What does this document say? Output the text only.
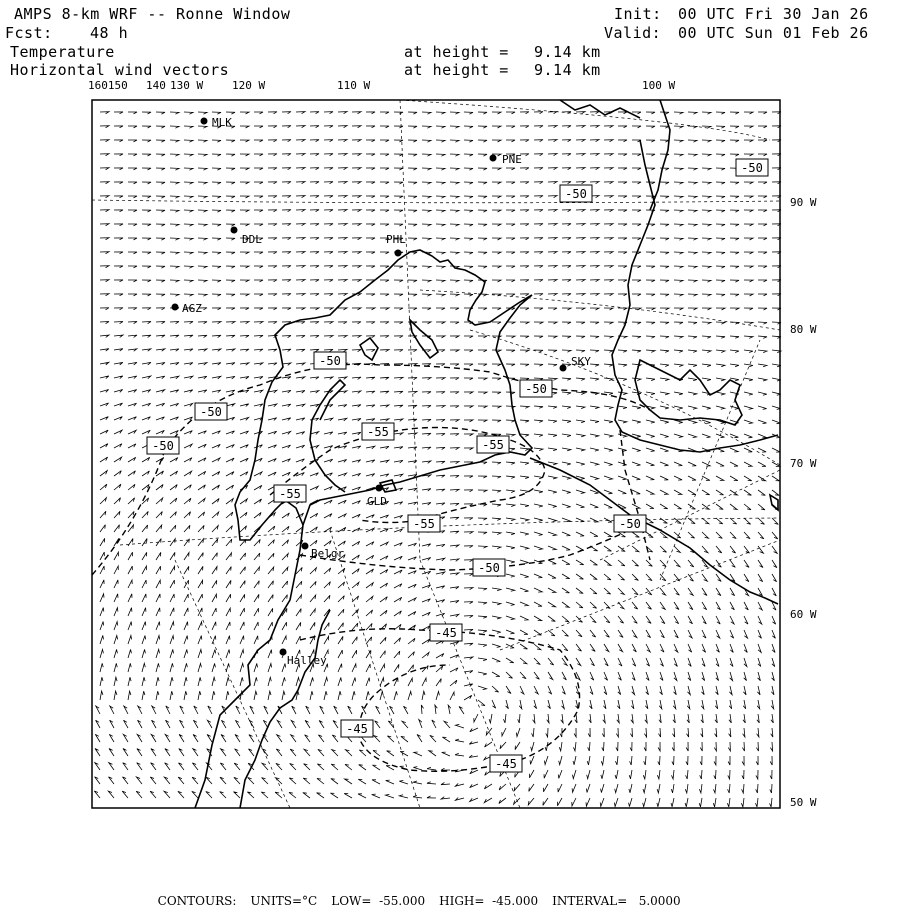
AMPS 8-km WRF -- Ronne Window
Fcst: 48 h
Temperature
Horizontal wind vectors
Init: 00 UTC Fri 30 Jan 26
Valid: 00 UTC Sun 01 Feb 26
at height = 9.14 km
at height = 9.14 km
160150 140 130 W	120 W	110 W	100 W
90 W
80 W
70 W
60 W
50 W
-50
-50
-50
-50
-50
-50
-55
-55
-55
-55
-50
-45
-45
-45
-50
MLK
PNE
DDL	PHL
AGZ
SKY
GLD
Belgr
Halley

CONTOURS: UNITS=°C LOW=  -55.000 HIGH=  -45.000 INTERVAL=   5.0000
